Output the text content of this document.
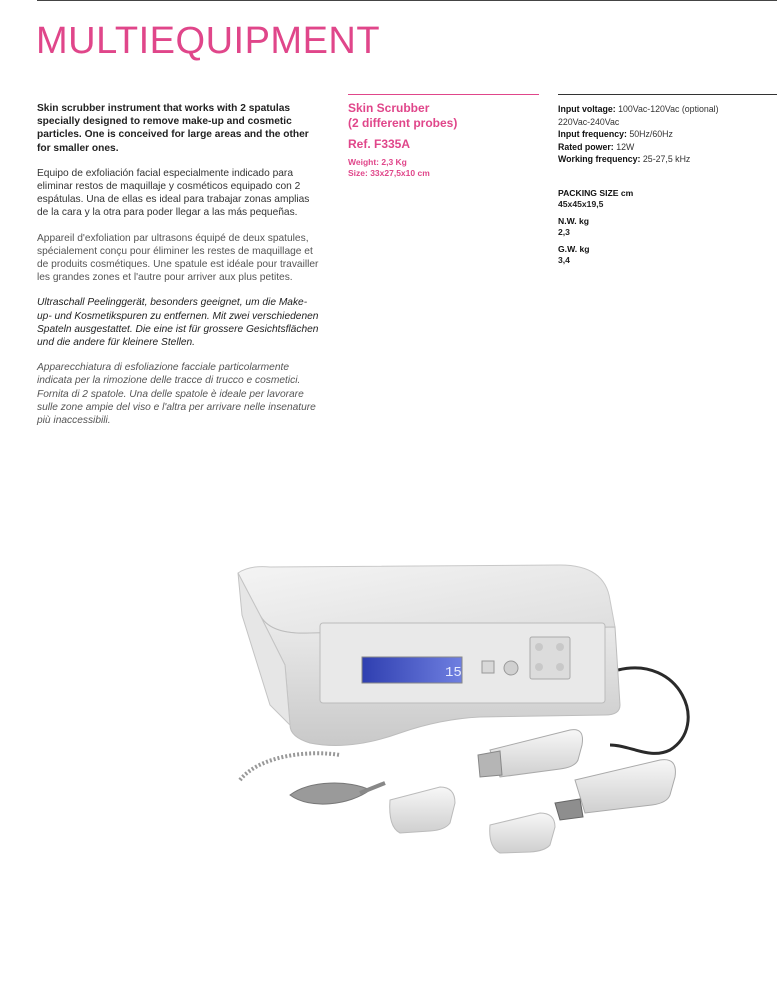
MULTIEQUIPMENT

Skin scrubber instrument that works with 2 spatulas specially designed to remove make-up and cosmetic particles. One is conceived for large areas and the other for smaller ones.

Equipo de exfoliación facial especialmente indicado para eliminar restos de maquillaje y cosméticos equipado con 2 espátulas. Una de ellas es ideal para trabajar zonas amplias de la cara y la otra para poder llegar a las más pequeñas.

Appareil d'exfoliation par ultrasons équipé de deux spatules, spécialement conçu pour éliminer les restes de maquillage et de produits cosmétiques. Une spatule est idéale pour travailler les grandes zones et l'autre pour arriver aux plus petites.

Ultraschall Peelinggerät, besonders geeignet, um die Make-up- und Kosmetikspuren zu entfernen. Mit zwei verschiedenen Spateln ausgestattet. Die eine ist für grossere Gesichtsflächen und die andere für kleinere Stellen.

Apparecchiatura di esfoliazione facciale particolarmente indicata per la rimozione delle tracce di trucco e cosmetici. Fornita di 2 spatole. Una delle spatole è ideale per lavorare sulle zone ampie del viso e l'altra per arrivare nelle insenature più inaccessibili.

Skin Scrubber
(2 different probes)
Ref. F335A
Weight: 2,3 Kg
Size: 33x27,5x10 cm
Input voltage: 100Vac-120Vac (optional)
220Vac-240Vac
Input frequency: 50Hz/60Hz
Rated power: 12W
Working frequency: 25-27,5 kHz
PACKING SIZE cm
45x45x19,5
N.W. kg
2,3
G.W. kg
3,4
15
